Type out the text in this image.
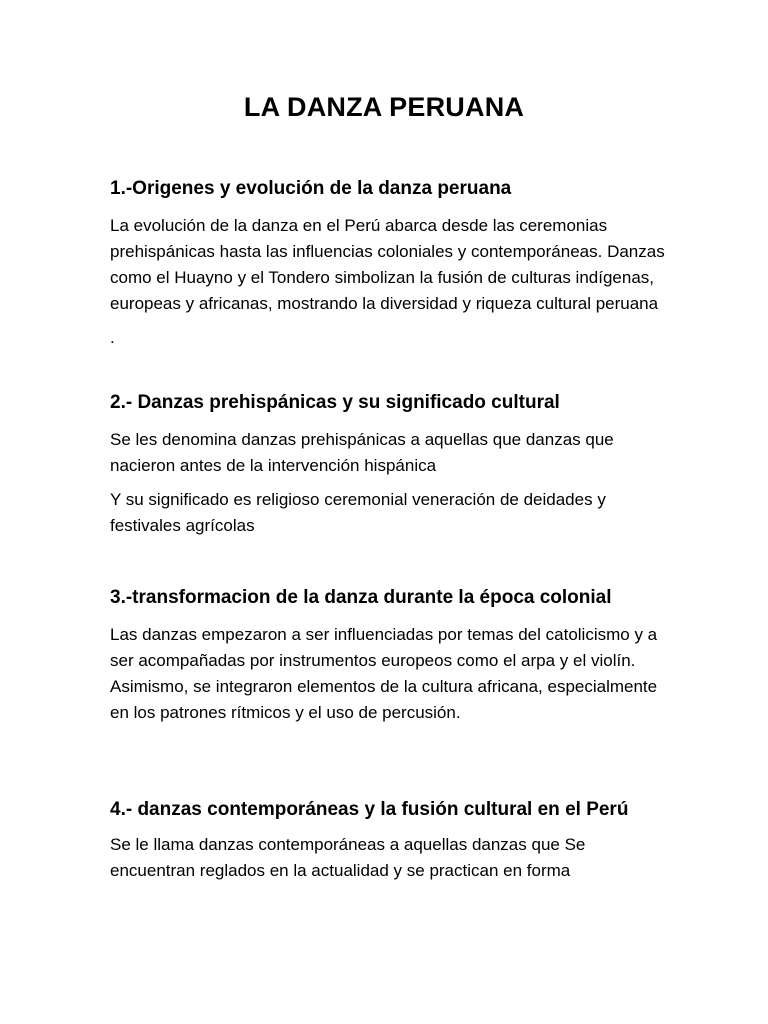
LA DANZA PERUANA
1.-Origenes y evolución de la danza peruana

La evolución de la danza en el Perú abarca desde las ceremonias prehispánicas hasta las influencias coloniales y contemporáneas. Danzas como el Huayno y el Tondero simbolizan la fusión de culturas indígenas, europeas y africanas, mostrando la diversidad y riqueza cultural peruana

.

2.- Danzas prehispánicas y su significado cultural

Se les denomina danzas prehispánicas a aquellas que danzas que nacieron antes de la intervención hispánica

Y su significado es religioso ceremonial veneración de deidades y festivales agrícolas

3.-transformacion de la danza durante la época colonial

Las danzas empezaron a ser influenciadas por temas del catolicismo y a ser acompañadas por instrumentos europeos como el arpa y el violín. Asimismo, se integraron elementos de la cultura africana, especialmente en los patrones rítmicos y el uso de percusión.

4.- danzas contemporáneas y la fusión cultural en el Perú

Se le llama danzas contemporáneas a aquellas danzas que Se encuentran reglados en la actualidad y se practican en forma
